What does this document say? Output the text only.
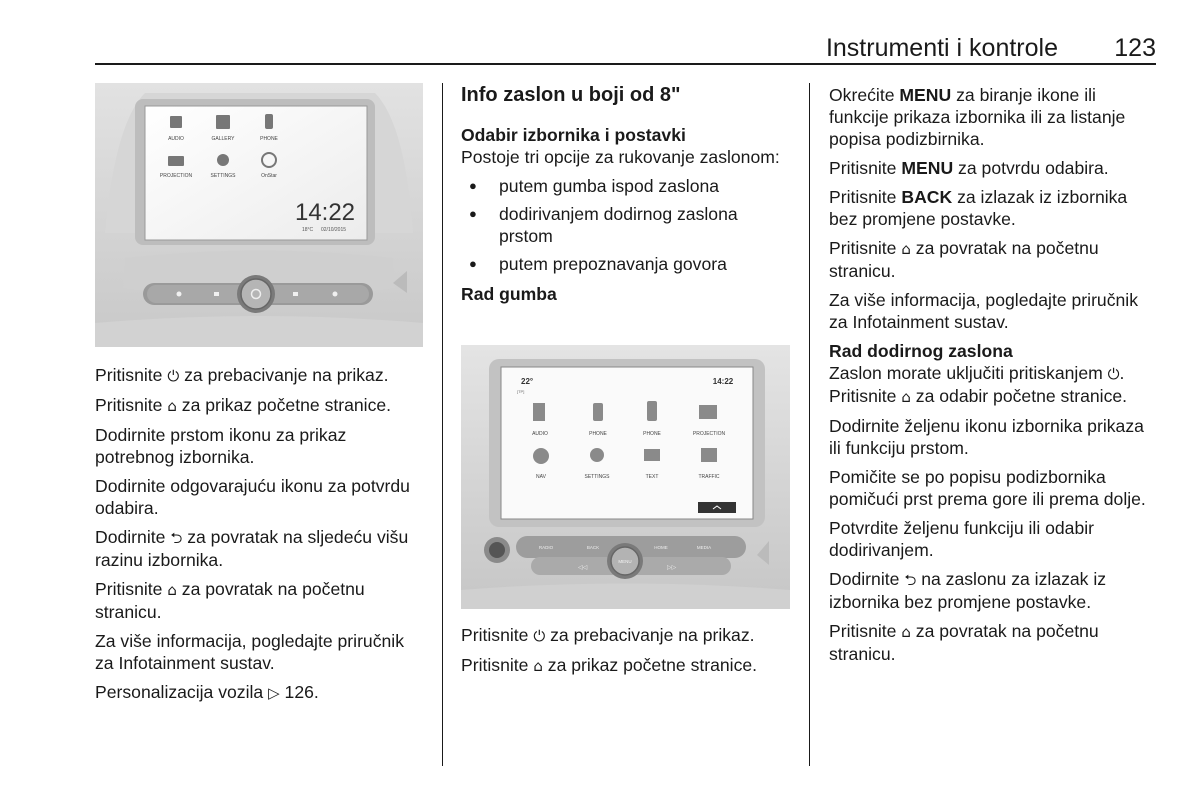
Instrumenti i kontrole 123
AUDIO	GALLERY	PHONE
PROJECTION	SETTINGS	OnStar
14:22
18°C 02/10/2015

Pritisnite ⏻ za prebacivanje na prikaz.

Pritisnite ⌂ za prikaz početne stranice.

Dodirnite prstom ikonu za prikaz potrebnog izbornika.

Dodirnite odgovarajuću ikonu za potvrdu odabira.

Dodirnite ⮌ za povratak na sljedeću višu razinu izbornika.

Pritisnite ⌂ za povratak na početnu stranicu.

Za više informacija, pogledajte priručnik za Infotainment sustav.

Personalizacija vozila ▷ 126.

Info zaslon u boji od 8"
Odabir izbornika i postavki

Postoje tri opcije za rukovanje zaslonom:

● putem gumba ispod zaslona
● dodirivanjem dodirnog zaslona prstom
● putem prepoznavanja govora
Rad gumba
22°
[TP]
14:22
AUDIO	PHONE	PHONE	PROJECTION
NAV	SETTINGS	TEXT	TRAFFIC
RADIO	BACK	HOME	MEDIA
◁◁	▷▷
MENU

Pritisnite ⏻ za prebacivanje na prikaz.

Pritisnite ⌂ za prikaz početne stranice.

Okrećite MENU za biranje ikone ili funkcije prikaza izbornika ili za listanje popisa podizbirnika.

Pritisnite MENU za potvrdu odabira.

Pritisnite BACK za izlazak iz izbornika bez promjene postavke.

Pritisnite ⌂ za povratak na početnu stranicu.

Za više informacija, pogledajte priručnik za Infotainment sustav.

Rad dodirnog zaslona

Zaslon morate uključiti pritiskanjem ⏻. Pritisnite ⌂ za odabir početne stranice.

Dodirnite željenu ikonu izbornika prikaza ili funkciju prstom.

Pomičite se po popisu podizbornika pomičući prst prema gore ili prema dolje.

Potvrdite željenu funkciju ili odabir dodirivanjem.

Dodirnite ⮌ na zaslonu za izlazak iz izbornika bez promjene postavke.

Pritisnite ⌂ za povratak na početnu stranicu.
